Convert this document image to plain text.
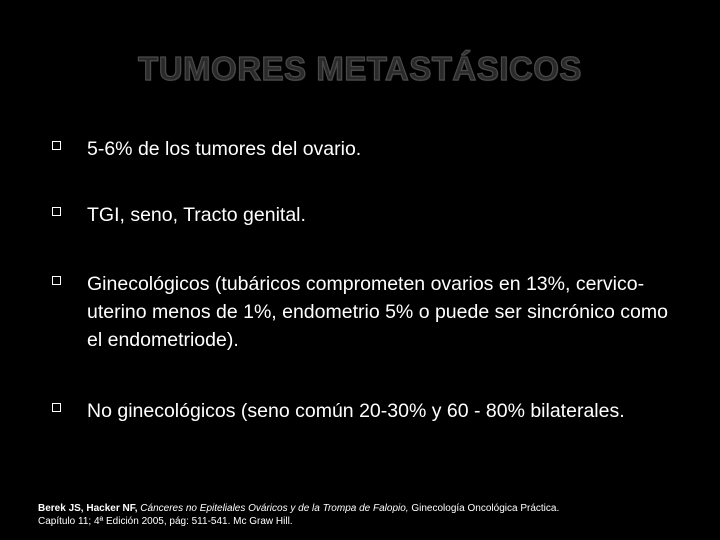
TUMORES METASTÁSICOS
5-6% de los tumores del ovario.
TGI, seno, Tracto genital.
Ginecológicos (tubáricos comprometen ovarios en 13%, cervico-uterino menos de 1%, endometrio 5% o puede ser sincrónico como el endometriode).
No ginecológicos (seno común 20-30% y 60 - 80% bilaterales.
Berek JS, Hacker NF, Cánceres no Epiteliales Ováricos y de la Trompa de Falopio, Ginecología Oncológica Práctica.
Capítulo 11; 4ª Edición 2005, pág: 511-541. Mc Graw Hill.
